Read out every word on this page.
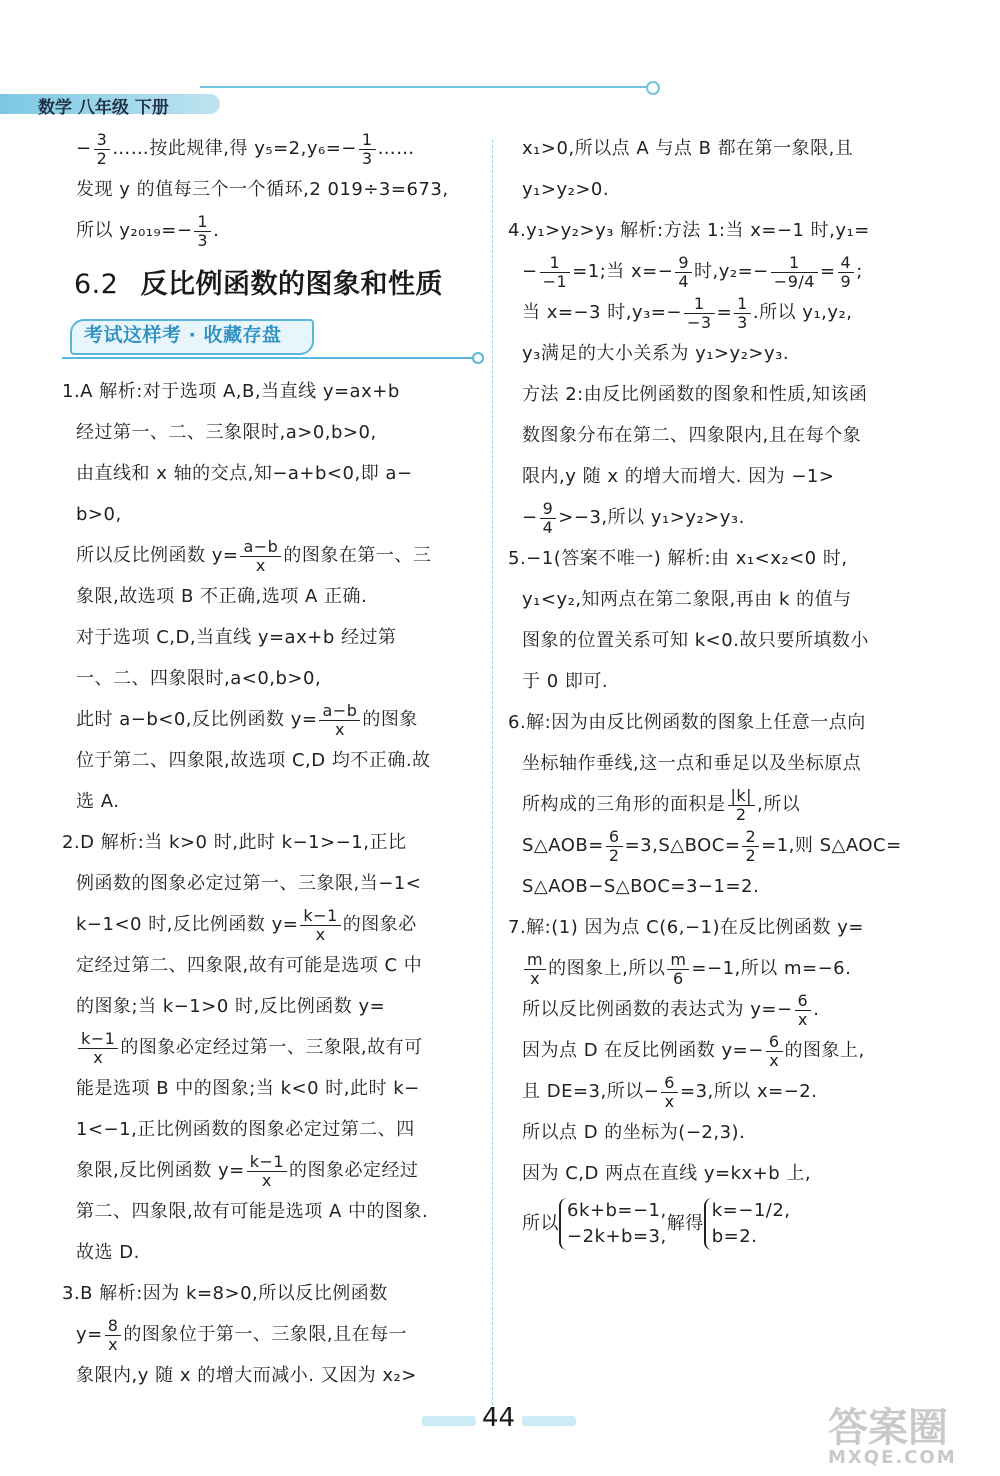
数学 八年级 下册

− $\frac{3}{2}$ ……按此规律,得 $y_5=2,y_6=- \frac{1}{3}$ ……

发现 y 的值每三个一个循环,2 019÷3=673,

所以 $y_{2019}=- \frac{1}{3}$ .

6.2 反比例函数的图象和性质
考试这样考 · 收藏存盘

1.A 解析:对于选项 A,B,当直线 y=ax+b

经过第一、二、三象限时,a>0,b>0,

由直线和 x 轴的交点,知−a+b<0,即 a−

b>0,

所以反比例函数 $y= \frac{a-b}{x}$ 的图象在第一、三

象限,故选项 B 不正确,选项 A 正确.

对于选项 C,D,当直线 y=ax+b 经过第

一、二、四象限时,a<0,b>0,

此时 a−b<0,反比例函数 $y= \frac{a-b}{x}$ 的图象

位于第二、四象限,故选项 C,D 均不正确.故

选 A.

2.D 解析:当 k>0 时,此时 k−1>−1,正比

例函数的图象必定过第一、三象限,当−1<

k−1<0 时,反比例函数 $y= \frac{k-1}{x}$ 的图象必

定经过第二、四象限,故有可能是选项 C 中

的图象;当 k−1>0 时,反比例函数 y=

$\frac{k-1}{x}$ 的图象必定经过第一、三象限,故有可

能是选项 B 中的图象;当 k<0 时,此时 k−

1<−1,正比例函数的图象必定过第二、四

象限,反比例函数 $y= \frac{k-1}{x}$ 的图象必定经过

第二、四象限,故有可能是选项 A 中的图象.

故选 D.

3.B 解析:因为 k=8>0,所以反比例函数

$y= \frac{8}{x}$ 的图象位于第一、三象限,且在每一

象限内,y 随 x 的增大而减小. 又因为 x₂>

x₁>0,所以点 A 与点 B 都在第一象限,且

y₁>y₂>0.

4.y₁>y₂>y₃ 解析:方法 1:当 x=−1 时,y₁=

− $\frac{1}{-1} =1$;当 $x=- \frac{9}{4}$ 时$,y_2=- \frac{1}{-9/4} = \frac{4}{9}$ ;

当 x=−3 时$,y_3=- \frac{1}{-3} = \frac{1}{3}$ .所以 y₁,y₂,

y₃满足的大小关系为 y₁>y₂>y₃.

方法 2:由反比例函数的图象和性质,知该函

数图象分布在第二、四象限内,且在每个象

限内,y 随 x 的增大而增大. 因为 −1>

− $\frac{9}{4} >-3$,所以 y₁>y₂>y₃.

5.−1(答案不唯一) 解析:由 x₁<x₂<0 时,

y₁<y₂,知两点在第二象限,再由 k 的值与

图象的位置关系可知 k<0.故只要所填数小

于 0 即可.

6.解:因为由反比例函数的图象上任意一点向

坐标轴作垂线,这一点和垂足以及坐标原点

所构成的三角形的面积是 $\frac{|k|}{2}$ ,所以

S△AOB= $\frac{6}{2}$ =3,S△BOC= $\frac{2}{2} =1$,则 S△AOC=

S△AOB−S△BOC=3−1=2.

7.解:(1) 因为点 C(6,−1)在反比例函数 y=

$\frac{m}{x}$ 的图象上,所以 $\frac{m}{6} =-1$,所以 m=−6.

所以反比例函数的表达式为 $y=- \frac{6}{x}$ .

因为点 D 在反比例函数 $y=- \frac{6}{x}$ 的图象上,

且 DE=3,所以− $\frac{6}{x} =3$,所以 x=−2.

所以点 D 的坐标为(−2,3).

因为 C,D 两点在直线 y=kx+b 上,

所以
6k+b=−1,
−2k+b=3,
解得
k=−1/2,
b=2.

44	答案圈
MXQE.COM
